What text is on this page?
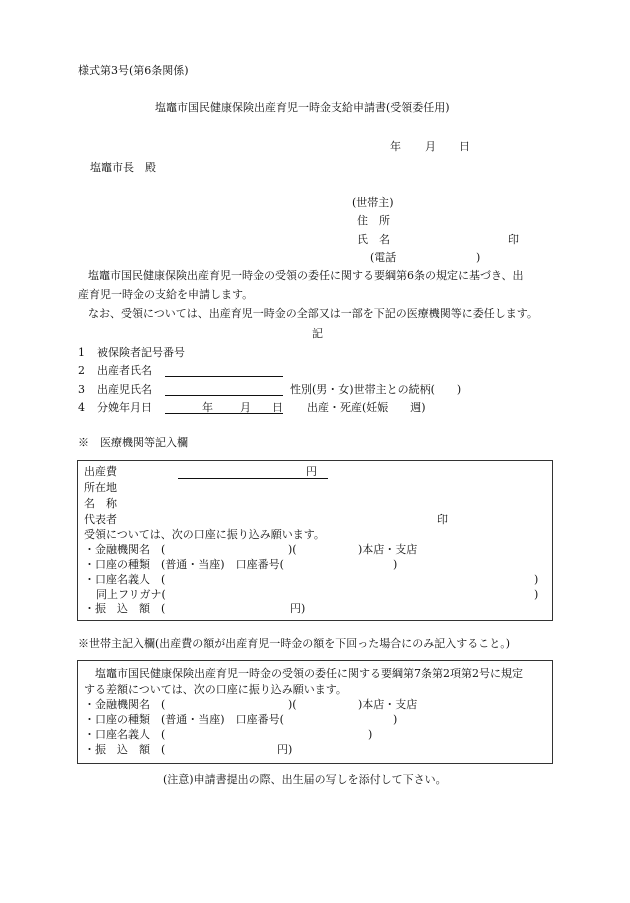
様式第3号(第6条関係)
塩竈市国民健康保険出産育児一時金支給申請書(受領委任用)
年 月 日
塩竈市長　殿
(世帯主)
住　所
氏　名	印
(電話	)
塩竈市国民健康保険出産育児一時金の受領の委任に関する要綱第6条の規定に基づき、出
産育児一時金の支給を申請します。
なお、受領については、出産育児一時金の全部又は一部を下記の医療機関等に委任します。
記
1 被保険者記号番号
2 出産者氏名
3 出産児氏名	性別(男・女)世帯主との続柄(　　)
4 分娩年月日	年 月 日 出産・死産(妊娠　　週)
※　医療機関等記入欄
出産費	円
所在地
名　称
代表者	印
受領については、次の口座に振り込み願います。
・金融機関名　(	)(	)本店・支店
・口座の種類　(普通・当座)　口座番号(	)
・口座名義人　(	)
同上フリガナ(	)
・振　込　額　(	円)
※世帯主記入欄(出産費の額が出産育児一時金の額を下回った場合にのみ記入すること。)
塩竈市国民健康保険出産育児一時金の受領の委任に関する要綱第7条第2項第2号に規定
する差額については、次の口座に振り込み願います。
・金融機関名　(	)(	)本店・支店
・口座の種類　(普通・当座)　口座番号(	)
・口座名義人　(	)
・振　込　額　(	円)
(注意)申請書提出の際、出生届の写しを添付して下さい。
